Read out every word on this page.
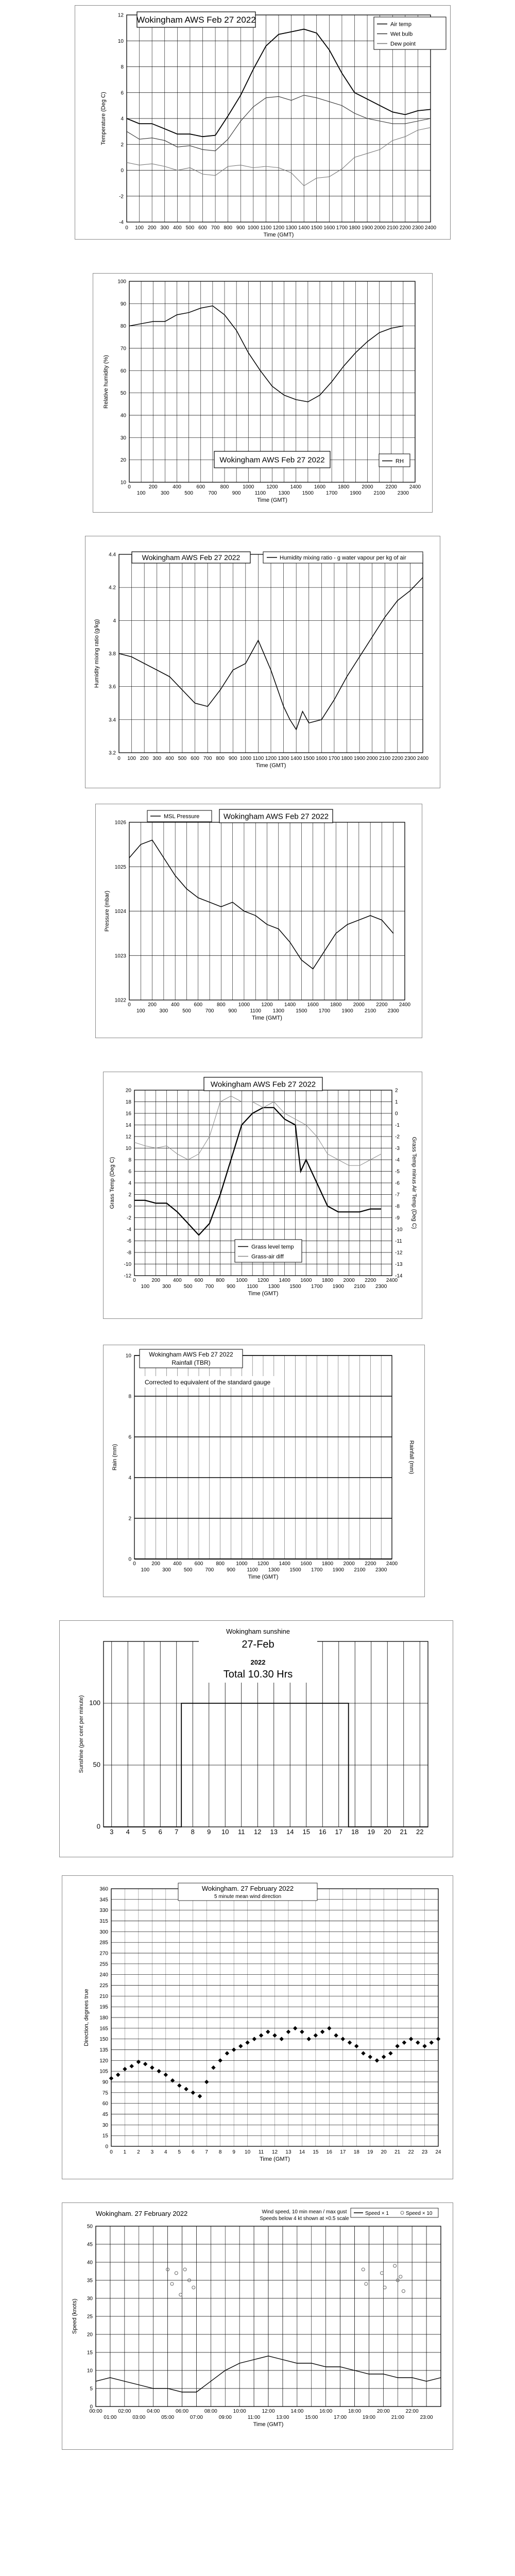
-4
-2
0
2
4
6
8
10
12
0 100 200 300 400 500 600 700 800 900 1000 1100 1200 1300 1400 1500 1600 1700 1800 1900 2000 2100 2200 2300 2400
Time (GMT)
Temperature (Deg C)
Wokingham AWS Feb 27 2022	Air temp
Wet bulb
Dew point
10
20
30
40
50
60
70
80
90
100
0	200	400	600	800	1000 1200 1400 1600 1800 2000 2200 2400
100	300	500	700	900	1100 1300 1500 1700 1900 2100 2300
Time (GMT)
Relative humidity (%)
Wokingham AWS Feb 27 2022	RH
3.2
3.4
3.6
3.8
4
4.2
4.4
0 100 200 300 400 500 600 700 800 900 1000 1100 1200 1300 1400 1500 1600 1700 1800 1900 2000 2100 2200 2300 2400
Time (GMT)
Humidity mixing ratio (g/kg)
Wokingham AWS Feb 27 2022	Humidity mixing ratio - g water vapour per kg of air
1022
1023
1024
1025
1026
0	200	400	600	800	1000 1200 1400 1600 1800 2000 2200 2400
100	300	500	700	900	1100 1300 1500 1700 1900 2100 2300
Time (GMT)
Pressure (mbar)
MSL Pressure	Wokingham AWS Feb 27 2022
-12
-10
-8
-6
-4
-2
0
2
4
6
8
10
12
14
16
18
20
-14
-13
-12
-11
-10
-9
-8
-7
-6
-5
-4
-3
-2
-1
0
1
2
0	200 400 600 800 1000 1200 1400 1600 1800 2000 2200 2400
100 300 500 700 900 1100 1300 1500 1700 1900 2100 2300
Time (GMT)
Grass Temp (Deg C)	Grass Temp minus Air Temp (Deg C)
Wokingham AWS Feb 27 2022
Grass level temp
Grass-air diff
0
2
4
6
8
10
0	200 400 600 800 1000 1200 1400 1600 1800 2000 2200 2400
100 300 500 700 900 1100 1300 1500 1700 1900 2100 2300
Time (GMT)
Rain (mm)	Rainfall (mm)
Wokingham AWS Feb 27 2022
Rainfall (TBR)
Corrected to equivalent of the standard gauge
0
50
100
3 4 5 6 7 8 9 10 11 12 13 14 15 16 17 18 19 20 21 22
Sunshine (per cent per minute)
Wokingham sunshine
27-Feb
2022
Total 10.30 Hrs
0
15
30
45
60
75
90
105
120
135
150
165
180
195
210
225
240
255
270
285
300
315
330
345
360
0 1 2 3 4 5 6 7 8 9 10 11 12 13 14 15 16 17 18 19 20 21 22 23 24
Time (GMT)
Direction, degrees true
Wokingham. 27 February 2022
5 minute mean wind direction
0
5
10
15
20
25
30
35
40
45
50
00:00	02:00	04:00	06:00	08:00	10:00	12:00	14:00	16:00	18:00	20:00	22:00
01:00	03:00	05:00	07:00	09:00	11:00	13:00	15:00	17:00	19:00	21:00	23:00
Time (GMT)
Speed (knots)
Wokingham. 27 February 2022	Wind speed, 10 min mean / max gust
Speeds below 4 kt shown at ×0.5 scale
Speed × 1	Speed × 10
